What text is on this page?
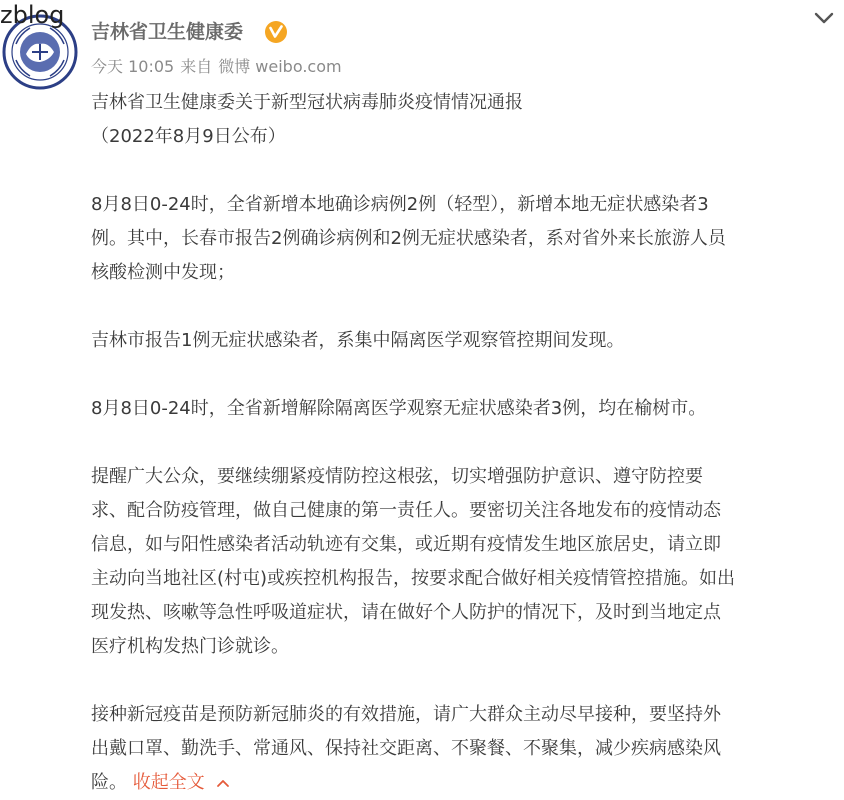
zblog
吉林省卫生健康委
今天 10:05 来自 微博 weibo.com

吉林省卫生健康委关于新型冠状病毒肺炎疫情情况通报

（2022年8月9日公布）

8月8日0-24时，全省新增本地确诊病例2例（轻型），新增本地无症状感染者3

例。其中，长春市报告2例确诊病例和2例无症状感染者，系对省外来长旅游人员

核酸检测中发现；

吉林市报告1例无症状感染者，系集中隔离医学观察管控期间发现。

8月8日0-24时，全省新增解除隔离医学观察无症状感染者3例，均在榆树市。

提醒广大公众，要继续绷紧疫情防控这根弦，切实增强防护意识、遵守防控要

求、配合防疫管理，做自己健康的第一责任人。要密切关注各地发布的疫情动态

信息，如与阳性感染者活动轨迹有交集，或近期有疫情发生地区旅居史，请立即

主动向当地社区(村屯)或疾控机构报告，按要求配合做好相关疫情管控措施。如出

现发热、咳嗽等急性呼吸道症状，请在做好个人防护的情况下，及时到当地定点

医疗机构发热门诊就诊。

接种新冠疫苗是预防新冠肺炎的有效措施，请广大群众主动尽早接种，要坚持外

出戴口罩、勤洗手、常通风、保持社交距离、不聚餐、不聚集，减少疾病感染风

险。 收起全文
